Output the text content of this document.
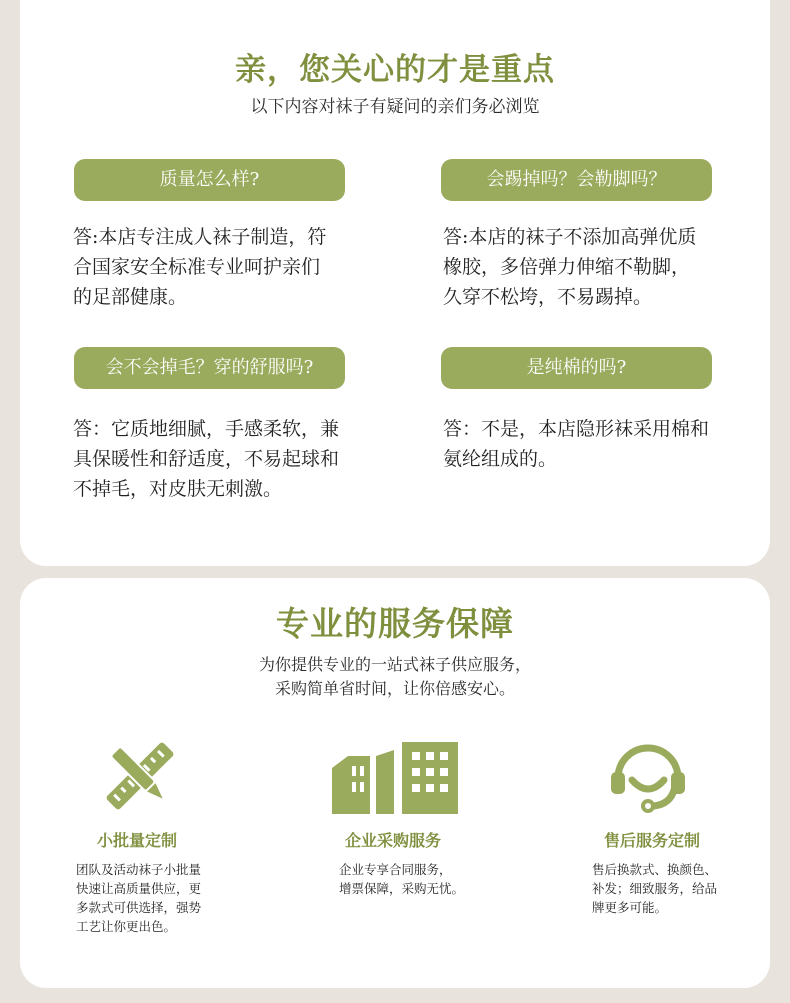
亲，您关心的才是重点
以下内容对袜子有疑问的亲们务必浏览
质量怎么样?	会踢掉吗？会勒脚吗？
答:本店专注成人袜子制造，符
合国家安全标准专业呵护亲们
的足部健康。
答:本店的袜子不添加高弹优质
橡胶，多倍弹力伸缩不勒脚，
久穿不松垮，不易踢掉。
会不会掉毛？穿的舒服吗?	是纯棉的吗?
答：它质地细腻，手感柔软，兼
具保暖性和舒适度，不易起球和
不掉毛，对皮肤无刺激。
答：不是，本店隐形袜采用棉和
氨纶组成的。
专业的服务保障
为你提供专业的一站式袜子供应服务，
采购简单省时间，让你倍感安心。
小批量定制
团队及活动袜子小批量
快速让高质量供应，更
多款式可供选择，强势
工艺让你更出色。
企业采购服务
企业专享合同服务，
增票保障，采购无忧。
售后服务定制
售后换款式、换颜色、
补发；细致服务，给品
牌更多可能。
